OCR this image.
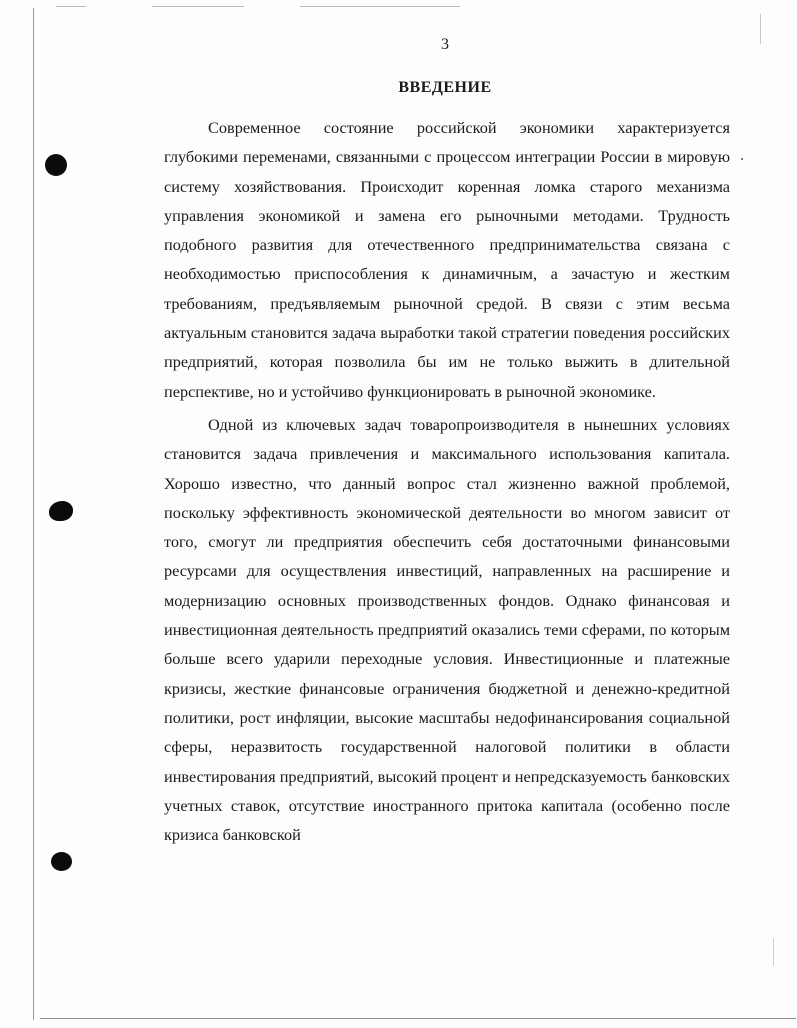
3
ВВЕДЕНИЕ

Современное состояние российской экономики характеризуется глубокими переменами, связанными с процессом интеграции России в мировую систему хозяйствования. Происходит коренная ломка старого механизма управления экономикой и замена его рыночными методами. Трудность подобного развития для отечественного предпринимательства связана с необходимостью приспособления к динамичным, а зачастую и жестким требованиям, предъявляемым рыночной средой. В связи с этим весьма актуальным становится задача выработки такой стратегии поведения российских предприятий, которая позволила бы им не только выжить в длительной перспективе, но и устойчиво функционировать в рыночной экономике.

Одной из ключевых задач товаропроизводителя в нынешних условиях становится задача привлечения и максимального использования капитала. Хорошо известно, что данный вопрос стал жизненно важной проблемой, поскольку эффективность экономической деятельности во многом зависит от того, смогут ли предприятия обеспечить себя достаточными финансовыми ресурсами для осуществления инвестиций, направленных на расширение и модернизацию основных производственных фондов. Однако финансовая и инвестиционная деятельность предприятий оказались теми сферами, по которым больше всего ударили переходные условия. Инвестиционные и платежные кризисы, жесткие финансовые ограничения бюджетной и денежно-кредитной политики, рост инфляции, высокие масштабы недофинансирования социальной сферы, неразвитость государственной налоговой политики в области инвестирования предприятий, высокий процент и непредсказуемость банковских учетных ставок, отсутствие иностранного притока капитала (особенно после кризиса банковской
